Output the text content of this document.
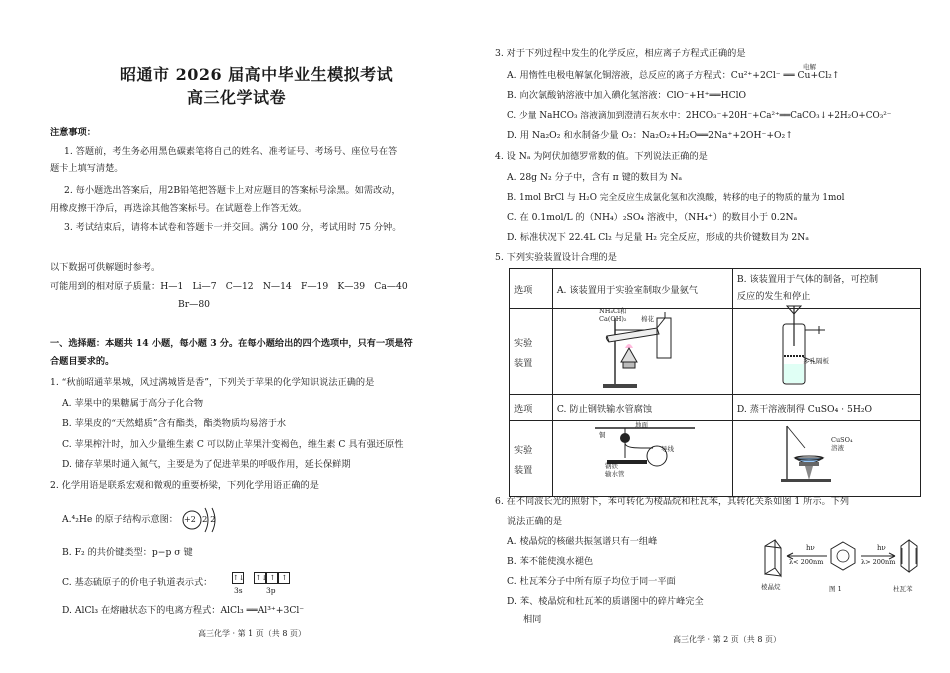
昭通市 2026 届高中毕业生模拟考试
高三化学试卷
注意事项：
1. 答题前，考生务必用黑色碳素笔将自己的姓名、准考证号、考场号、座位号在答
题卡上填写清楚。
2. 每小题选出答案后，用2B铅笔把答题卡上对应题目的答案标号涂黑。如需改动，
用橡皮擦干净后，再选涂其他答案标号。在试题卷上作答无效。
3. 考试结束后，请将本试卷和答题卡一并交回。满分 100 分，考试用时 75 分钟。
以下数据可供解题时参考。
可能用到的相对原子质量：H—1　Li—7　C—12　N—14　F—19　K—39　Ca—40
Br—80
一、选择题：本题共 14 小题，每小题 3 分。在每小题给出的四个选项中，只有一项是符
合题目要求的。
1. “秋前昭通苹果城，风过满城皆是香”，下列关于苹果的化学知识说法正确的是
A. 苹果中的果糖属于高分子化合物
B. 苹果皮的“天然蜡质”含有酯类，酯类物质均易溶于水
C. 苹果榨汁时，加入少量维生素 C 可以防止苹果汁变褐色，维生素 C 具有强还原性
D. 储存苹果时通入氮气，主要是为了促进苹果的呼吸作用，延长保鲜期
2. 化学用语是联系宏观和微观的重要桥梁，下列化学用语正确的是
A.⁴₂He 的原子结构示意图： +2 2 2
B. F₂ 的共价键类型：p−p σ 键
C. 基态硫原子的价电子轨道表示式：	↑↓ ↑↓ ↑ ↑
3s	3p
D. AlCl₃ 在熔融状态下的电离方程式：AlCl₃ ══Al³⁺+3Cl⁻
高三化学 · 第 1 页（共 8 页）
3. 对于下列过程中发生的化学反应，相应离子方程式正确的是
A. 用惰性电极电解氯化铜溶液，总反应的离子方程式：Cu²⁺+2Cl⁻ ══ Cu+Cl₂↑
电解
B. 向次氯酸钠溶液中加入碘化氢溶液：ClO⁻+H⁺══HClO
C. 少量 NaHCO₃ 溶液滴加到澄清石灰水中：2HCO₃⁻+20H⁻+Ca²⁺══CaCO₃↓+2H₂O+CO₃²⁻
D. 用 Na₂O₂ 和水制备少量 O₂：Na₂O₂+H₂O══2Na⁺+2OH⁻+O₂↑
4. 设 Nₐ 为阿伏加德罗常数的值。下列说法正确的是
A. 28g N₂ 分子中，含有 π 键的数目为 Nₐ
B. 1mol BrCl 与 H₂O 完全反应生成氯化氢和次溴酸，转移的电子的物质的量为 1mol
C. 在 0.1mol/L 的（NH₄）₂SO₄ 溶液中，（NH₄⁺）的数目小于 0.2Nₐ
D. 标准状况下 22.4L Cl₂ 与足量 H₂ 完全反应，形成的共价键数目为 2Nₐ
5. 下列实验装置设计合理的是
选项	A. 该装置用于实验室制取少量氨气	B. 该装置用于气体的制备，可控制
反应的发生和停止

实验
装置		

选项	C. 防止钢铁输水管腐蚀	D. 蒸干溶液制得 CuSO₄ · 5H₂O

实验
装置		

NH₄Cl和
Ca(OH)₂ 棉花
多孔隔板
地面
铜
导线
钢铁
输水管
CuSO₄
溶液
6. 在不同波长光的照射下，苯可转化为棱晶烷和杜瓦苯，其转化关系如图 1 所示。下列
说法正确的是
A. 棱晶烷的核磁共振氢谱只有一组峰
B. 苯不能使溴水褪色
C. 杜瓦苯分子中所有原子均位于同一平面
D. 苯、棱晶烷和杜瓦苯的质谱图中的碎片峰完全
相同
hν
λ< 200nm
hν
λ> 200nm
棱晶烷	图 1	杜瓦苯
高三化学 · 第 2 页（共 8 页）
